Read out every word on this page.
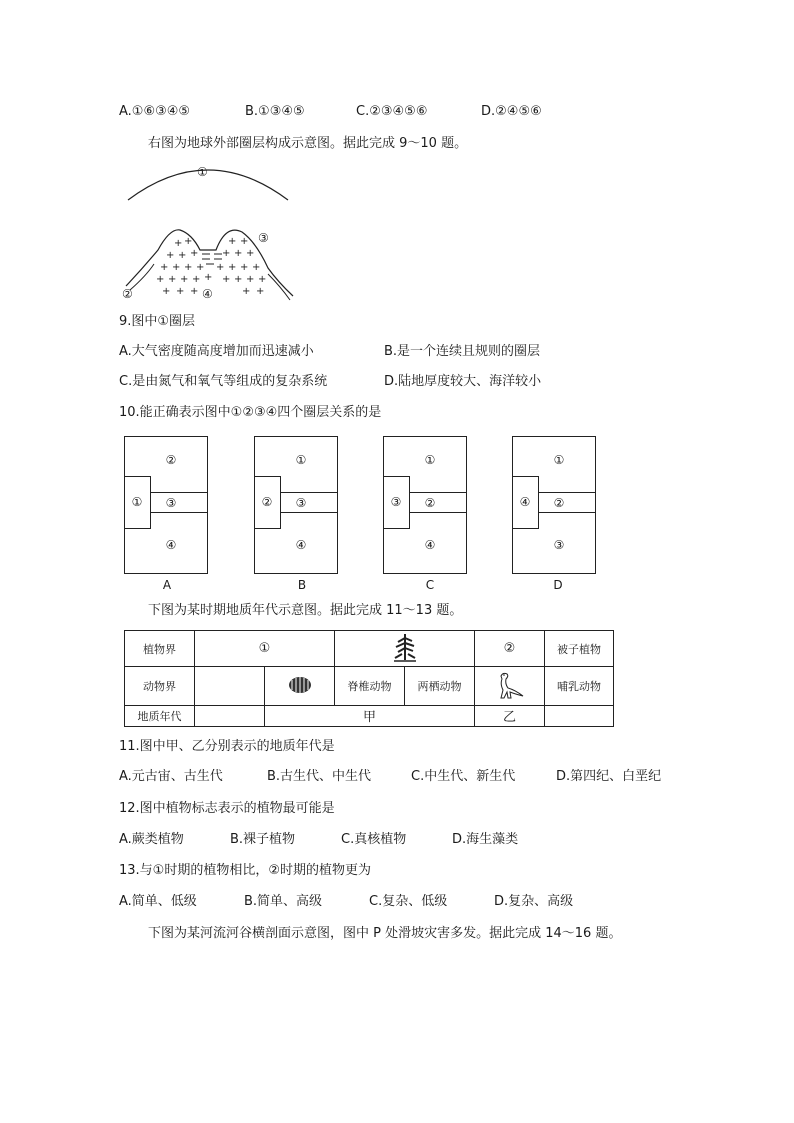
A.①⑥③④⑤	B.①③④⑤	C.②③④⑤⑥	D.②④⑤⑥
右图为地球外部圈层构成示意图。据此完成 9～10 题。
+ +
+ + +
+ + + +
+ + + + +
+ + +
+ +
+ + +
+ + + +
+ + + +
+ +
①
②
③
④
9.图中①圈层
A.大气密度随高度增加而迅速减小	B.是一个连续且规则的圈层
C.是由氮气和氧气等组成的复杂系统	D.陆地厚度较大、海洋较小
10.能正确表示图中①②③④四个圈层关系的是
②
① ③
④
A
①
② ③
④
B
①
③ ②
④
C
①
④ ②
③
D
下图为某时期地质年代示意图。据此完成 11～13 题。
植物界	①				②	被子植物
动物界			脊椎动物	两栖动物		哺乳动物
地质年代		甲			乙	
11.图中甲、乙分别表示的地质年代是
A.元古宙、古生代	B.古生代、中生代	C.中生代、新生代	D.第四纪、白垩纪
12.图中植物标志表示的植物最可能是
A.蕨类植物	B.裸子植物	C.真核植物	D.海生藻类
13.与①时期的植物相比，②时期的植物更为
A.简单、低级	B.简单、高级	C.复杂、低级	D.复杂、高级
下图为某河流河谷横剖面示意图，图中 P 处滑坡灾害多发。据此完成 14～16 题。
